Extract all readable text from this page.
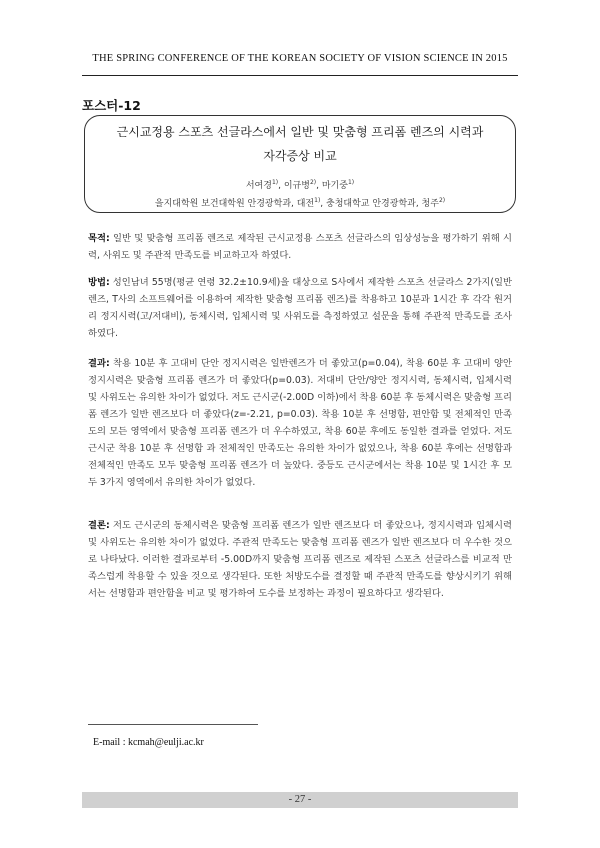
THE SPRING CONFERENCE OF THE KOREAN SOCIETY OF VISION SCIENCE IN 2015
포스터-12
근시교정용 스포츠 선글라스에서 일반 및 맞춤형 프리폼 렌즈의 시력과
자각증상 비교
서여경$^{1)}$, 이규병$^{2)}$, 마기중$^{1)}$
을지대학원 보건대학원 안경광학과, 대전$^{1)}$, 충청대학교 안경광학과, 청주$^{2)}$
목적: 일반 및 맞춤형 프리폼 렌즈로 제작된 근시교정용 스포츠 선글라스의 임상성능을 평가하기 위해 시력, 사위도 및 주관적 만족도를 비교하고자 하였다.
방법: 성인남녀 55명(평균 연령 32.2±10.9세)을 대상으로 S사에서 제작한 스포츠 선글라스 2가지(일반 렌즈, T사의 소프트웨어를 이용하여 제작한 맞춤형 프리폼 렌즈)를 착용하고 10분과 1시간 후 각각 원거리 정지시력(고/저대비), 동체시력, 입체시력 및 사위도를 측정하였고 설문을 통해 주관적 만족도를 조사하였다.
결과: 착용 10분 후 고대비 단안 정지시력은 일반렌즈가 더 좋았고(p=0.04), 착용 60분 후 고대비 양안 정지시력은 맞춤형 프리폼 렌즈가 더 좋았다(p=0.03). 저대비 단안/양안 정지시력, 동체시력, 입체시력 및 사위도는 유의한 차이가 없었다. 저도 근시군(-2.00D 이하)에서 착용 60분 후 동체시력은 맞춤형 프리폼 렌즈가 일반 렌즈보다 더 좋았다(z=-2.21, p=0.03). 착용 10분 후 선명함, 편안함 및 전체적인 만족도의 모든 영역에서 맞춤형 프리폼 렌즈가 더 우수하였고, 착용 60분 후에도 동일한 결과를 얻었다. 저도 근시군 착용 10분 후 선명함 과 전체적인 만족도는 유의한 차이가 없었으나, 착용 60분 후에는 선명함과 전체적인 만족도 모두 맞춤형 프리폼 렌즈가 더 높았다. 중등도 근시군에서는 착용 10분 및 1시간 후 모두 3가지 영역에서 유의한 차이가 없었다.
결론: 저도 근시군의 동체시력은 맞춤형 프리폼 렌즈가 일반 렌즈보다 더 좋았으나, 정지시력과 입체시력 및 사위도는 유의한 차이가 없었다. 주관적 만족도는 맞춤형 프리폼 렌즈가 일반 렌즈보다 더 우수한 것으로 나타났다. 이러한 결과로부터 -5.00D까지 맞춤형 프리폼 렌즈로 제작된 스포츠 선글라스를 비교적 만족스럽게 착용할 수 있을 것으로 생각된다. 또한 처방도수를 결정할 때 주관적 만족도를 향상시키기 위해서는 선명함과 편안함을 비교 및 평가하여 도수를 보정하는 과정이 필요하다고 생각된다.
E-mail : kcmah@eulji.ac.kr
- 27 -
